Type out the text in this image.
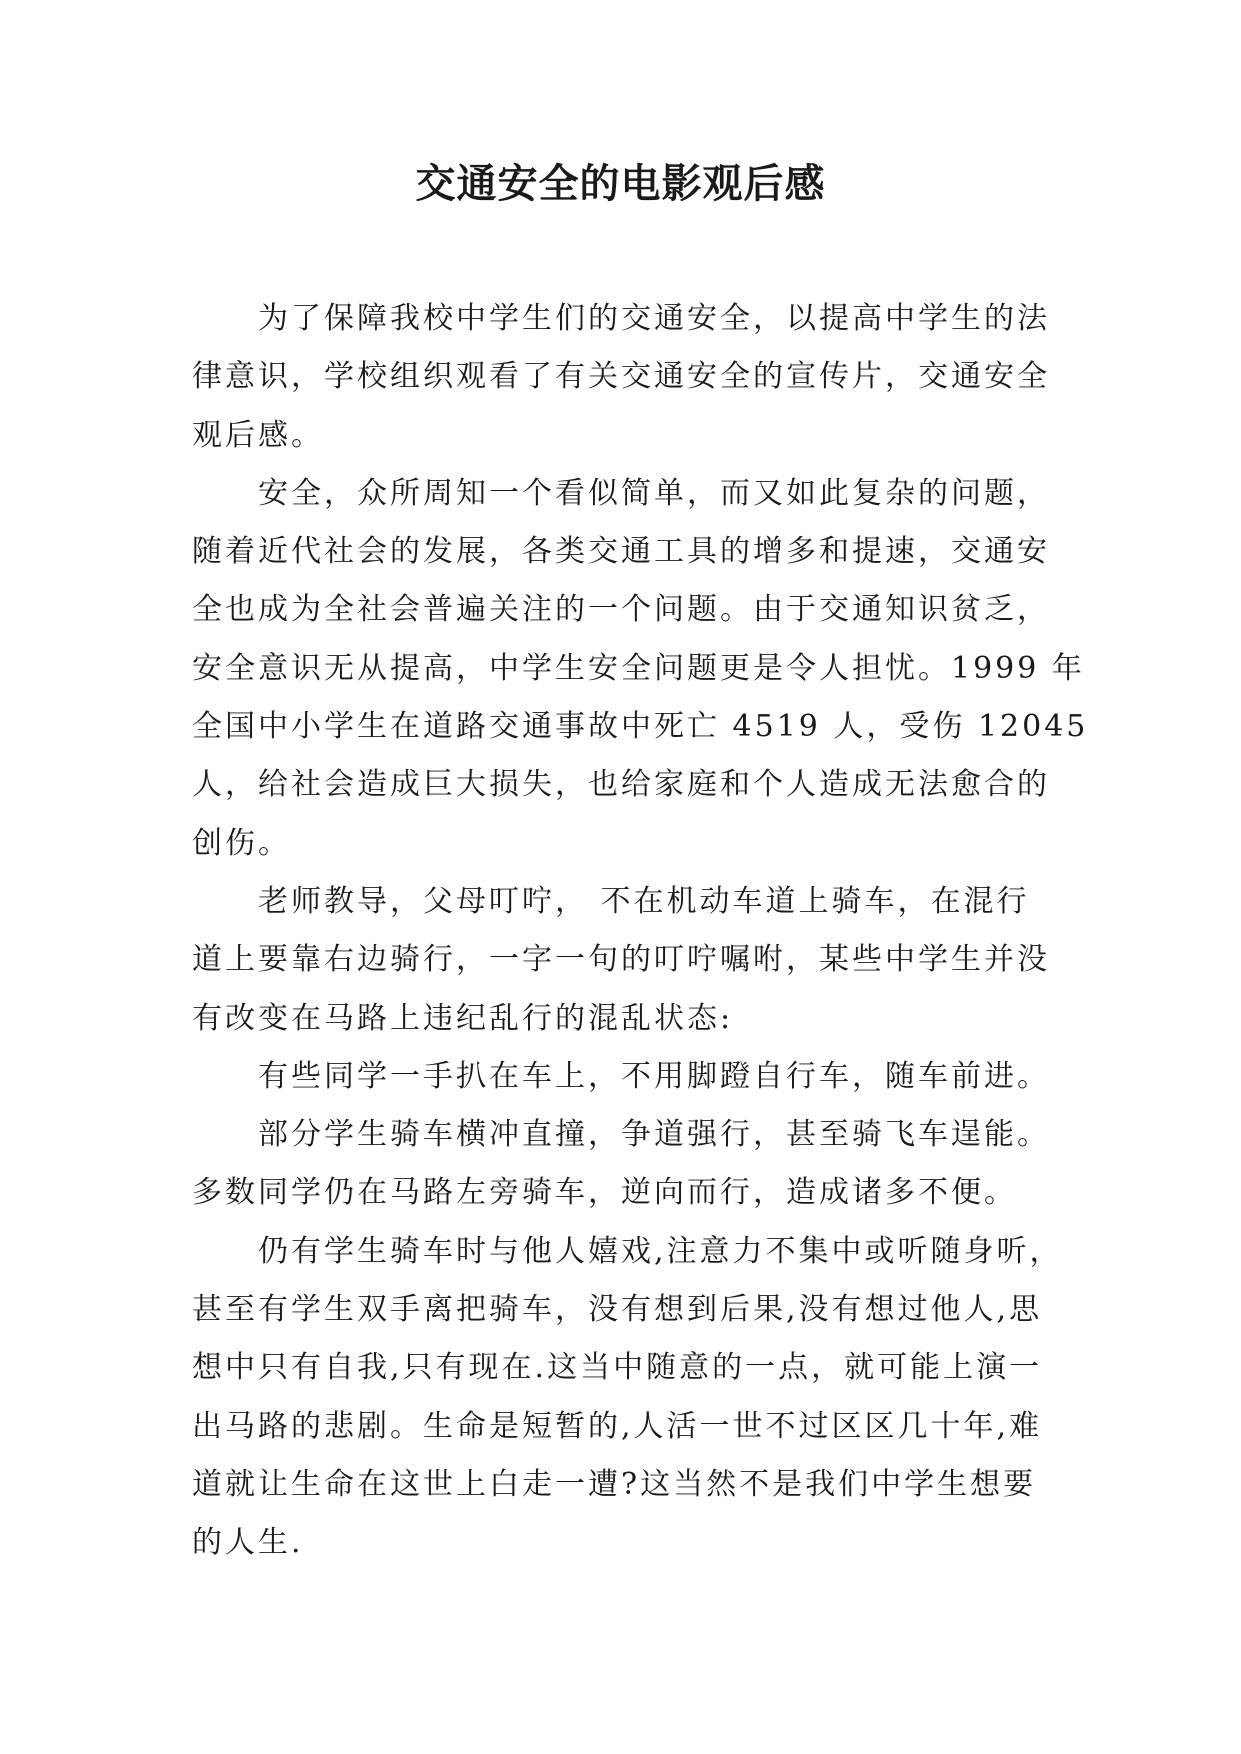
交通安全的电影观后感
为了保障我校中学生们的交通安全，以提高中学生的法
律意识，学校组织观看了有关交通安全的宣传片，交通安全
观后感。
安全，众所周知一个看似简单，而又如此复杂的问题，
随着近代社会的发展，各类交通工具的增多和提速，交通安
全也成为全社会普遍关注的一个问题。由于交通知识贫乏，
安全意识无从提高，中学生安全问题更是令人担忧。1999 年
全国中小学生在道路交通事故中死亡 4519 人，受伤 12045
人，给社会造成巨大损失，也给家庭和个人造成无法愈合的
创伤。
老师教导，父母叮咛， 不在机动车道上骑车，在混行
道上要靠右边骑行，一字一句的叮咛嘱咐，某些中学生并没
有改变在马路上违纪乱行的混乱状态:
有些同学一手扒在车上，不用脚蹬自行车，随车前进。
部分学生骑车横冲直撞，争道强行，甚至骑飞车逞能。
多数同学仍在马路左旁骑车，逆向而行，造成诸多不便。
仍有学生骑车时与他人嬉戏,注意力不集中或听随身听，
甚至有学生双手离把骑车，没有想到后果,没有想过他人,思
想中只有自我,只有现在.这当中随意的一点，就可能上演一
出马路的悲剧。生命是短暂的,人活一世不过区区几十年,难
道就让生命在这世上白走一遭?这当然不是我们中学生想要
的人生.
